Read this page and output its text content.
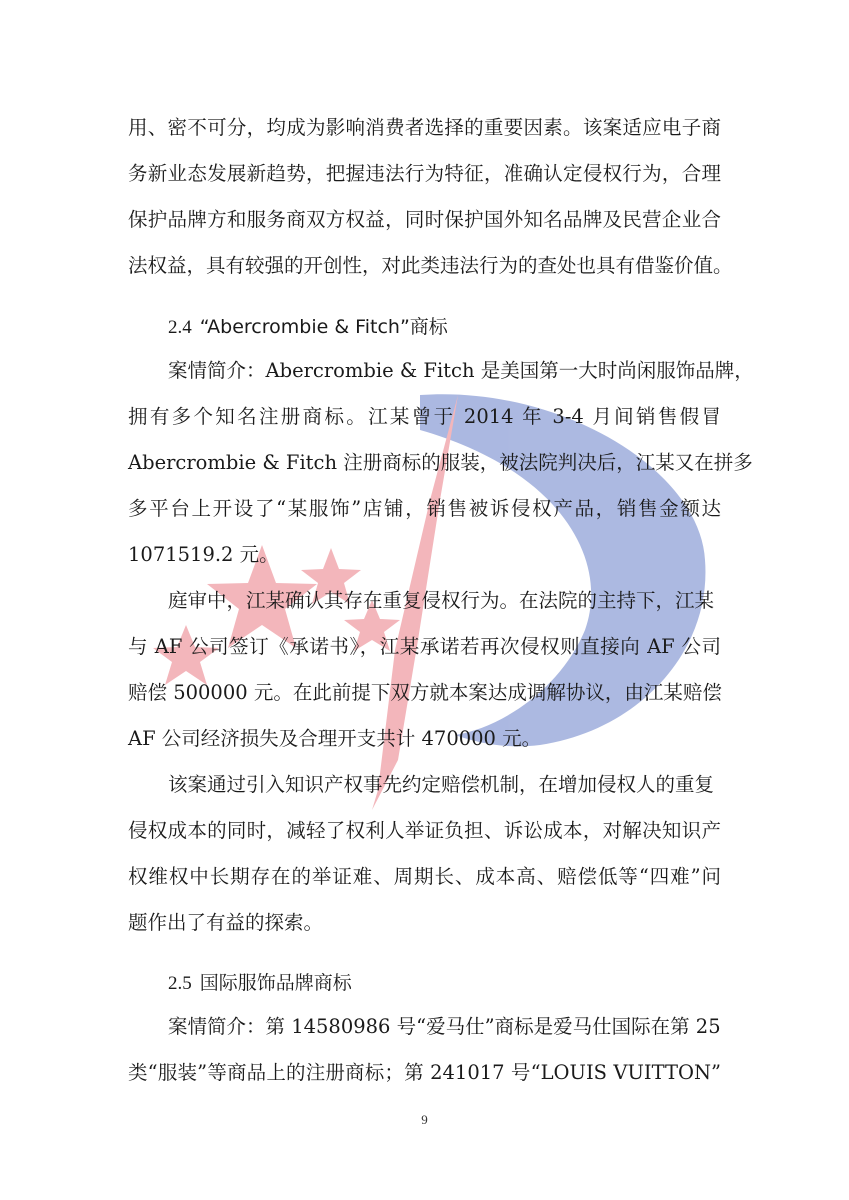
用、密不可分，均成为影响消费者选择的重要因素。该案适应电子商
务新业态发展新趋势，把握违法行为特征，准确认定侵权行为，合理
保护品牌方和服务商双方权益，同时保护国外知名品牌及民营企业合
法权益，具有较强的开创性，对此类违法行为的查处也具有借鉴价值。
2.4 “Abercrombie & Fitch”商标
案情简介：Abercrombie & Fitch 是美国第一大时尚闲服饰品牌，
拥有多个知名注册商标。江某曾于 2014 年 3-4 月间销售假冒
Abercrombie & Fitch 注册商标的服装，被法院判决后，江某又在拼多
多平台上开设了“某服饰”店铺，销售被诉侵权产品，销售金额达
1071519.2 元。
庭审中，江某确认其存在重复侵权行为。在法院的主持下，江某
与 AF 公司签订《承诺书》，江某承诺若再次侵权则直接向 AF 公司
赔偿 500000 元。在此前提下双方就本案达成调解协议，由江某赔偿
AF 公司经济损失及合理开支共计 470000 元。
该案通过引入知识产权事先约定赔偿机制，在增加侵权人的重复
侵权成本的同时，减轻了权利人举证负担、诉讼成本，对解决知识产
权维权中长期存在的举证难、周期长、成本高、赔偿低等“四难”问
题作出了有益的探索。
2.5 国际服饰品牌商标
案情简介：第 14580986 号“爱马仕”商标是爱马仕国际在第 25
类“服装”等商品上的注册商标；第 241017 号“LOUIS VUITTON”
9
